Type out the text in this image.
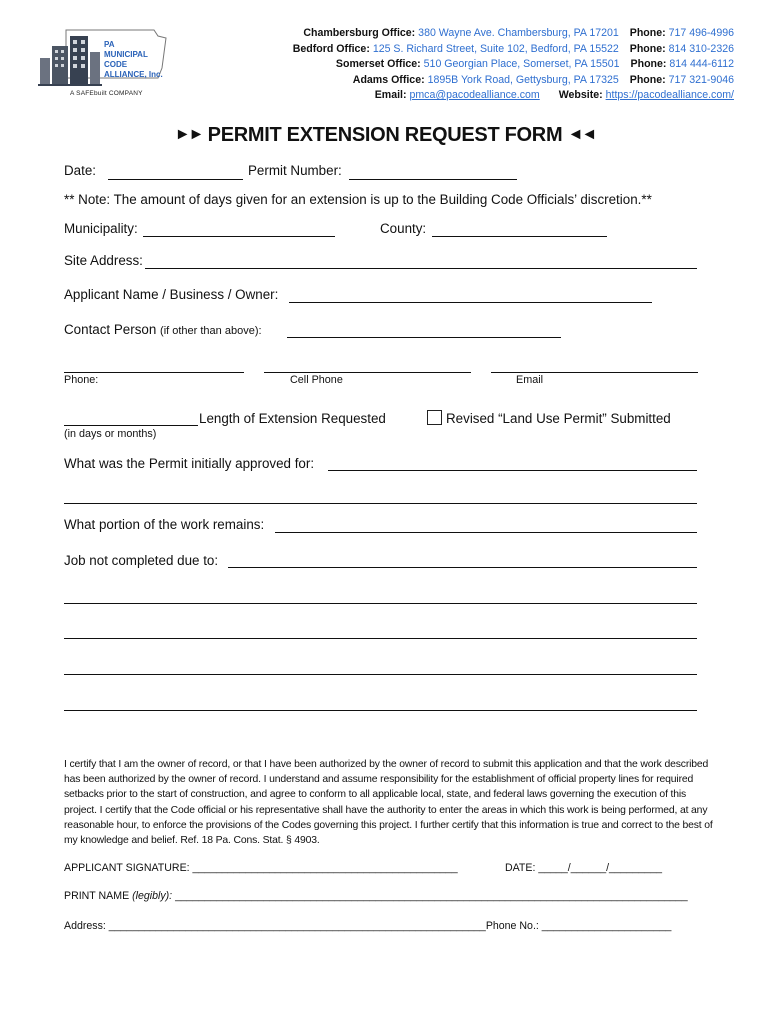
PA
MUNICIPAL
CODE
ALLIANCE, Inc.
A SAFEbuilt COMPANY
Chambersburg Office: 380 Wayne Ave. Chambersburg, PA 17201 Phone: 717 496-4996
Bedford Office: 125 S. Richard Street, Suite 102, Bedford, PA 15522 Phone: 814 310-2326
Somerset Office: 510 Georgian Place, Somerset, PA 15501 Phone: 814 444-6112
Adams Office: 1895B York Road, Gettysburg, PA 17325 Phone: 717 321-9046
Email: pmca@pacodealliance.com Website: https://pacodealliance.com/
►► PERMIT EXTENSION REQUEST FORM ◄◄
Date:	Permit Number:
** Note: The amount of days given for an extension is up to the Building Code Officials’ discretion.**
Municipality:	County:
Site Address:
Applicant Name / Business / Owner:
Contact Person (if other than above):
Phone:	Cell Phone	Email
Length of Extension Requested
(in days or months)
Revised “Land Use Permit” Submitted
What was the Permit initially approved for:
What portion of the work remains:
Job not completed due to:
I certify that I am the owner of record, or that I have been authorized by the owner of record to submit this application and that the work described has been authorized by the owner of record. I understand and assume responsibility for the establishment of official property lines for required setbacks prior to the start of construction, and agree to conform to all applicable local, state, and federal laws governing the execution of this project. I certify that the Code official or his representative shall have the authority to enter the areas in which this work is being performed, at any reasonable hour, to enforce the provisions of the Codes governing this project. I further certify that this information is true and correct to the best of my knowledge and belief. Ref. 18 Pa. Cons. Stat. § 4903.
APPLICANT SIGNATURE: _____________________________________________	DATE: _____/______/_________
PRINT NAME (legibly): _______________________________________________________________________________________
Address: ________________________________________________________________Phone No.: ______________________
